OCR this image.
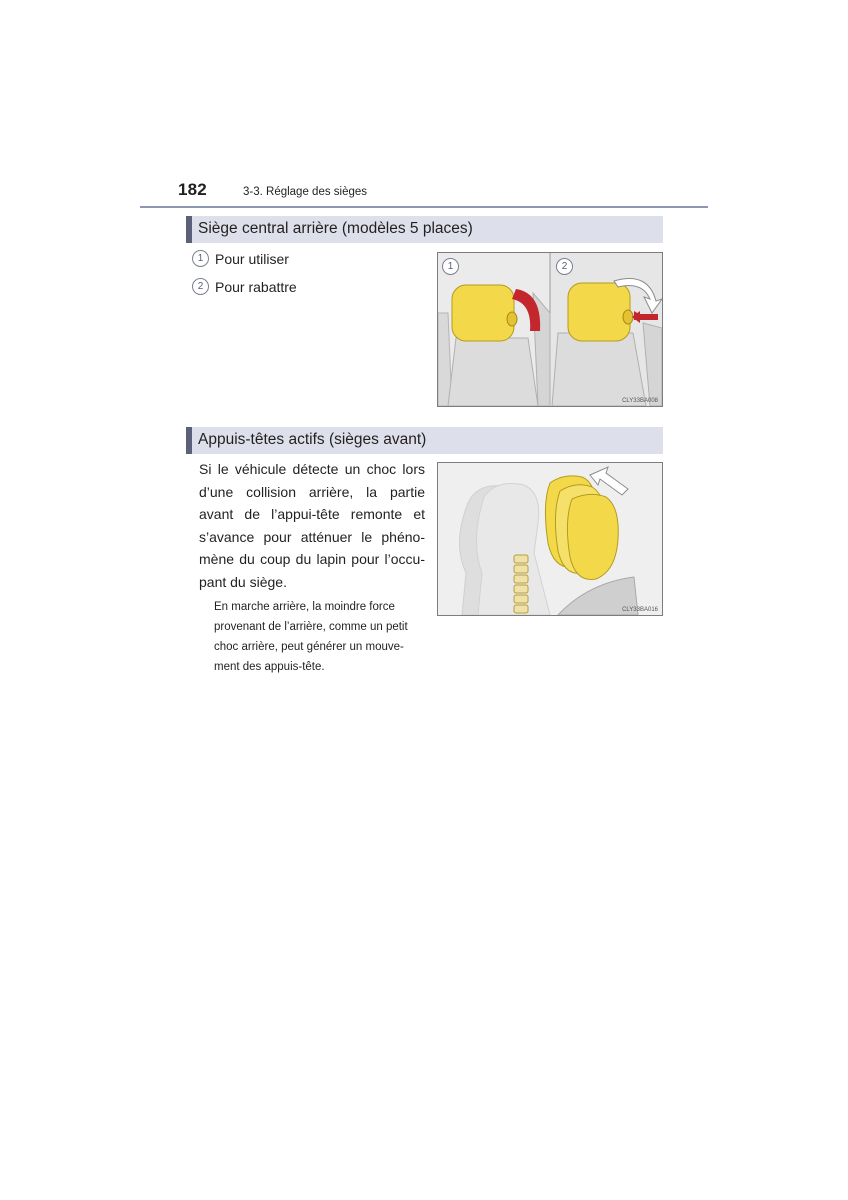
182	3-3. Réglage des sièges
Siège central arrière (modèles 5 places)
1 Pour utiliser
2 Pour rabattre
1	2
CLY33BA008
Appuis-têtes actifs (sièges avant)
Si le véhicule détecte un choc lors d’une collision arrière, la partie avant de l’appui-tête remonte et s’avance pour atténuer le phéno-mène du coup du lapin pour l’occu-pant du siège.
En marche arrière, la moindre force provenant de l’arrière, comme un petit choc arrière, peut générer un mouve-ment des appuis-tête.
CLY33BA016
